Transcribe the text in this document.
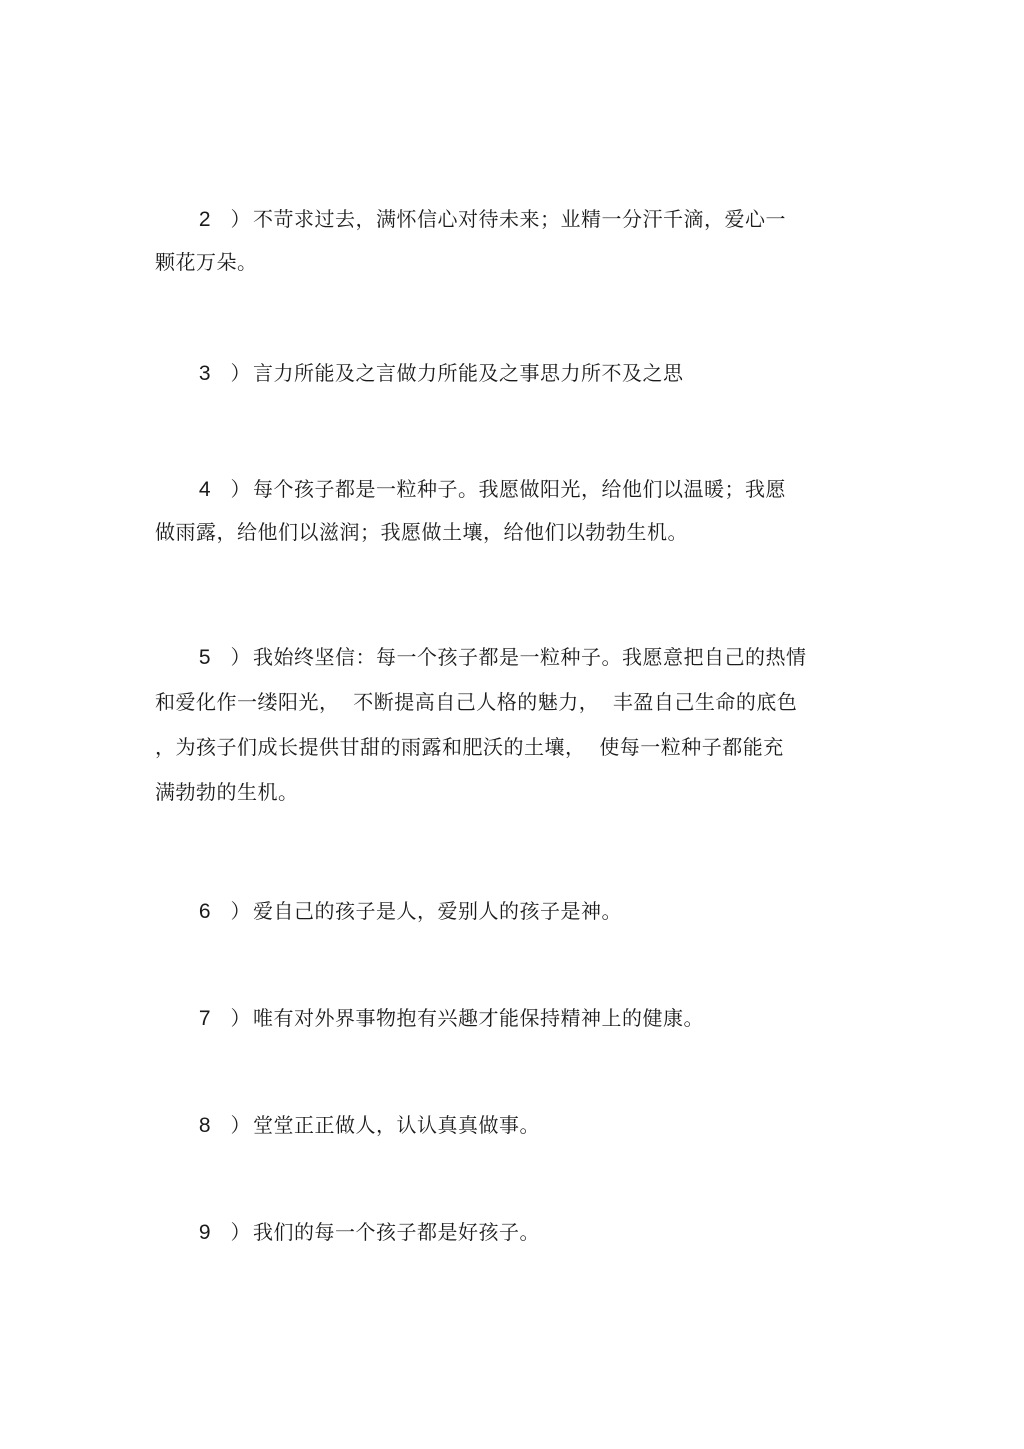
2 ） 不苛求过去，满怀信心对待未来；业精一分汗千滴，爱心一
颗花万朵。
3 ） 言力所能及之言做力所能及之事思力所不及之思
4 ） 每个孩子都是一粒种子。我愿做阳光，给他们以温暖；我愿
做雨露，给他们以滋润；我愿做土壤，给他们以勃勃生机。
5 ） 我始终坚信：每一个孩子都是一粒种子。我愿意把自己的热情
和爱化作一缕阳光，  不断提高自己人格的魅力，  丰盈自己生命的底色
，为孩子们成长提供甘甜的雨露和肥沃的土壤，  使每一粒种子都能充
满勃勃的生机。
6 ） 爱自己的孩子是人，爱别人的孩子是神。
7 ） 唯有对外界事物抱有兴趣才能保持精神上的健康。
8 ） 堂堂正正做人，认认真真做事。
9 ） 我们的每一个孩子都是好孩子。
